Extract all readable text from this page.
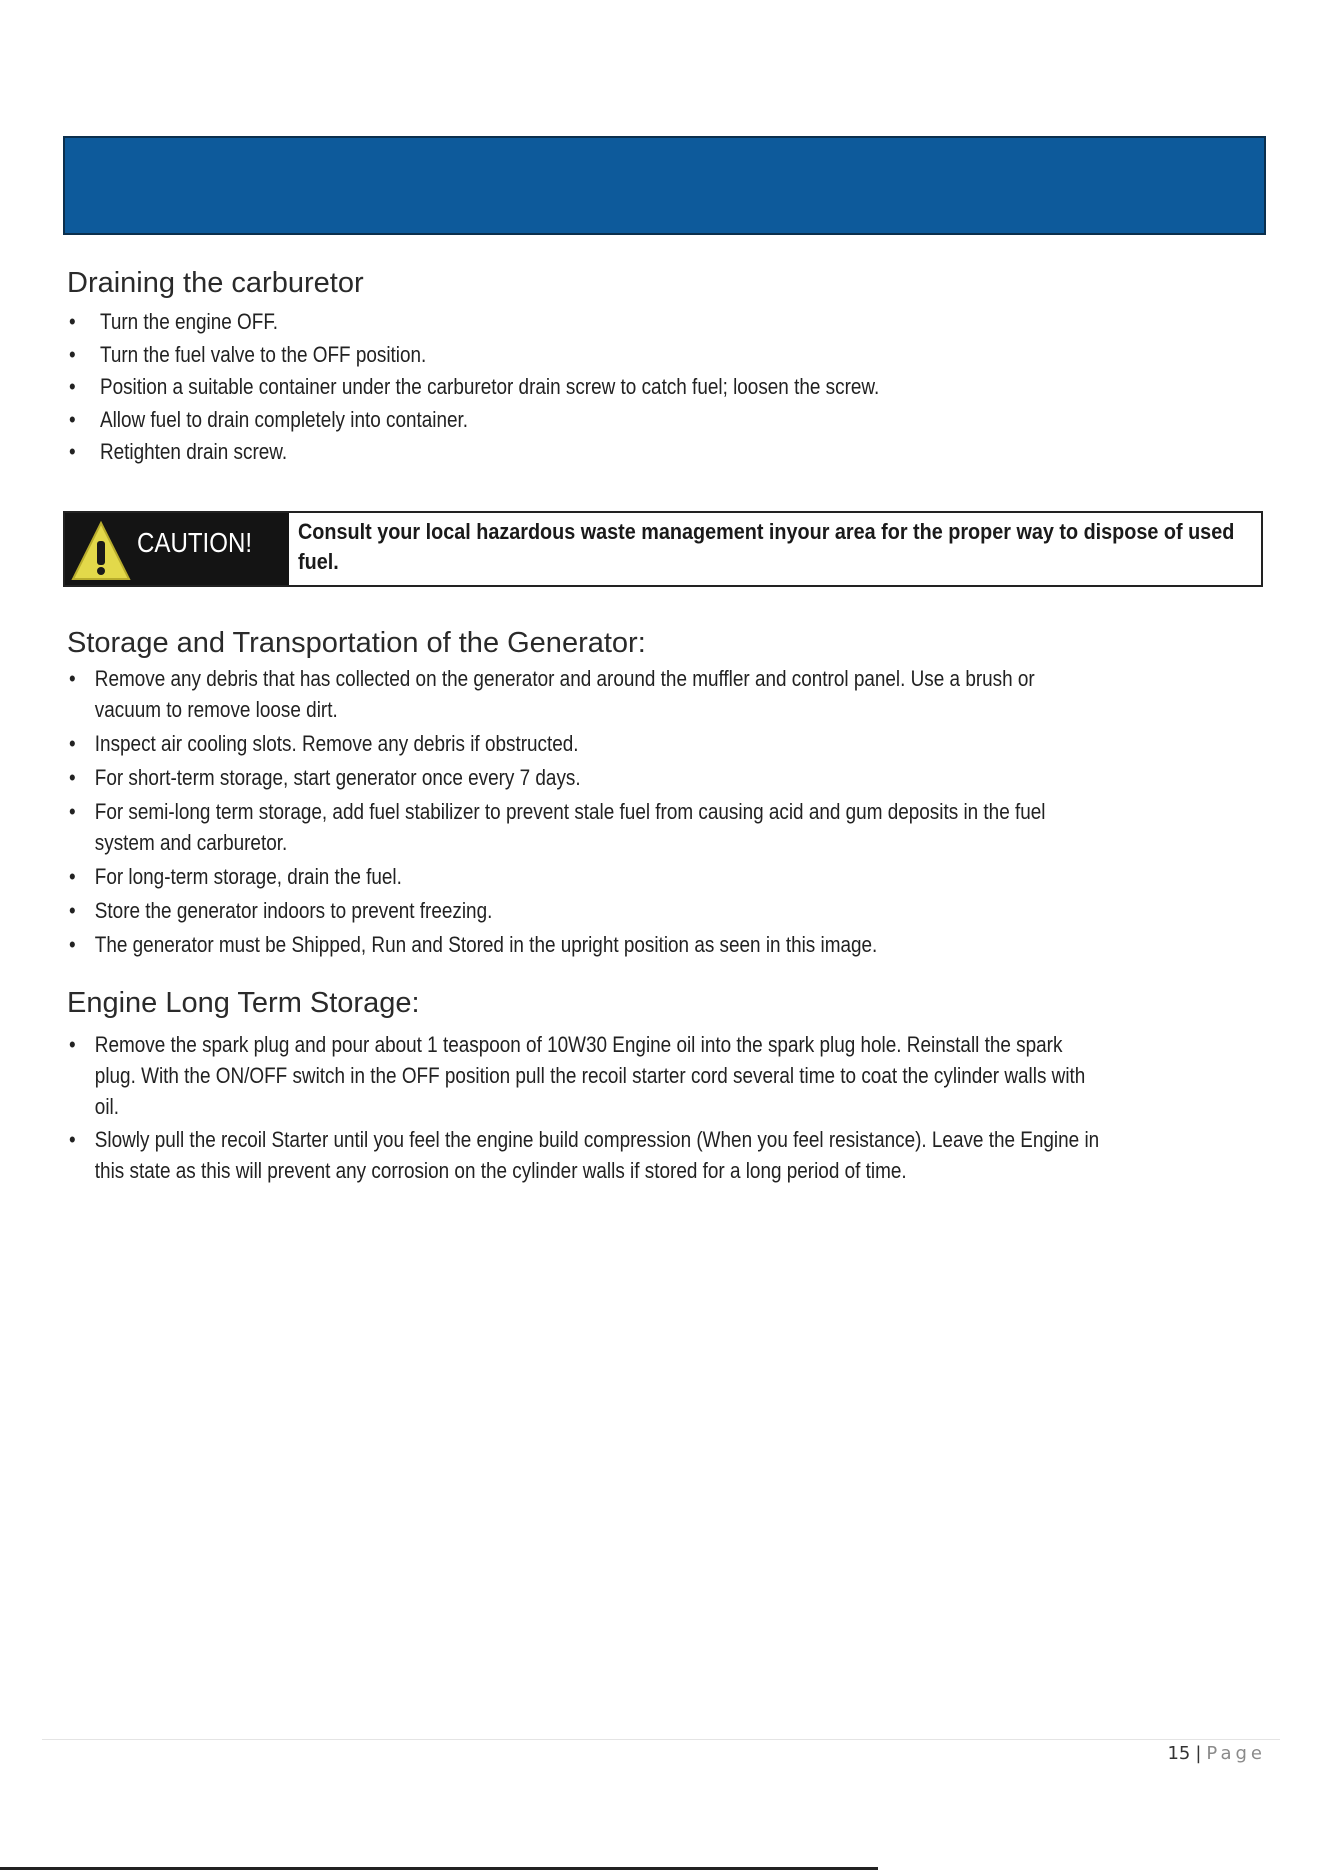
Draining the carburetor
• Turn the engine OFF.
• Turn the fuel valve to the OFF position.
• Position a suitable container under the carburetor drain screw to catch fuel; loosen the screw.
• Allow fuel to drain completely into container.
• Retighten drain screw.
CAUTION!	Consult your local hazardous waste management inyour area for the proper way to dispose of used fuel.
Storage and Transportation of the Generator:
• Remove any debris that has collected on the generator and around the muffler and control panel. Use a brush or vacuum to remove loose dirt.
• Inspect air cooling slots. Remove any debris if obstructed.
• For short-term storage, start generator once every 7 days.
• For semi-long term storage, add fuel stabilizer to prevent stale fuel from causing acid and gum deposits in the fuel system and carburetor.
• For long-term storage, drain the fuel.
• Store the generator indoors to prevent freezing.
• The generator must be Shipped, Run and Stored in the upright position as seen in this image.
Engine Long Term Storage:
• Remove the spark plug and pour about 1 teaspoon of 10W30 Engine oil into the spark plug hole. Reinstall the spark plug. With the ON/OFF switch in the OFF position pull the recoil starter cord several time to coat the cylinder walls with oil.
• Slowly pull the recoil Starter until you feel the engine build compression (When you feel resistance). Leave the Engine in this state as this will prevent any corrosion on the cylinder walls if stored for a long period of time.
15 | Page
